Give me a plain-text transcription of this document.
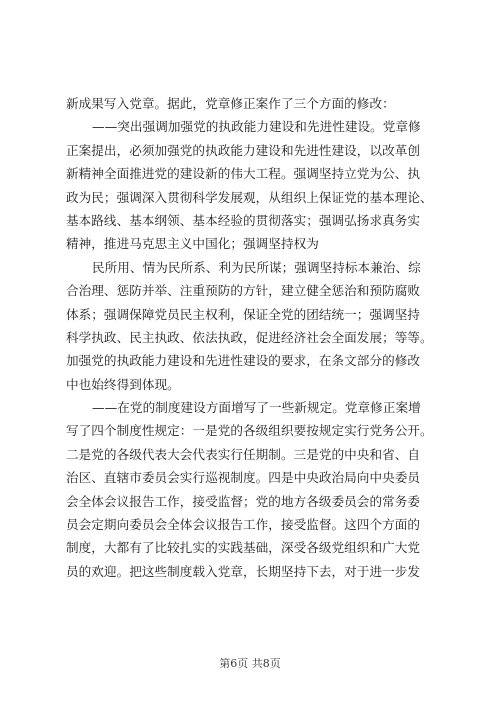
新成果写入党章。据此，党章修正案作了三个方面的修改：
——突出强调加强党的执政能力建设和先进性建设。党章修
正案提出，必须加强党的执政能力建设和先进性建设，以改革创
新精神全面推进党的建设新的伟大工程。强调坚持立党为公、执
政为民；强调深入贯彻科学发展观，从组织上保证党的基本理论、
基本路线、基本纲领、基本经验的贯彻落实；强调弘扬求真务实
精神，推进马克思主义中国化；强调坚持权为
民所用、情为民所系、利为民所谋；强调坚持标本兼治、综
合治理、惩防并举、注重预防的方针，建立健全惩治和预防腐败
体系；强调保障党员民主权利，保证全党的团结统一；强调坚持
科学执政、民主执政、依法执政，促进经济社会全面发展；等等。
加强党的执政能力建设和先进性建设的要求，在条文部分的修改
中也始终得到体现。
——在党的制度建设方面增写了一些新规定。党章修正案增
写了四个制度性规定：一是党的各级组织要按规定实行党务公开。
二是党的各级代表大会代表实行任期制。三是党的中央和省、自
治区、直辖市委员会实行巡视制度。四是中央政治局向中央委员
会全体会议报告工作，接受监督；党的地方各级委员会的常务委
员会定期向委员会全体会议报告工作，接受监督。这四个方面的
制度，大都有了比较扎实的实践基础，深受各级党组织和广大党
员的欢迎。把这些制度载入党章，长期坚持下去，对于进一步发
第6页 共8页
